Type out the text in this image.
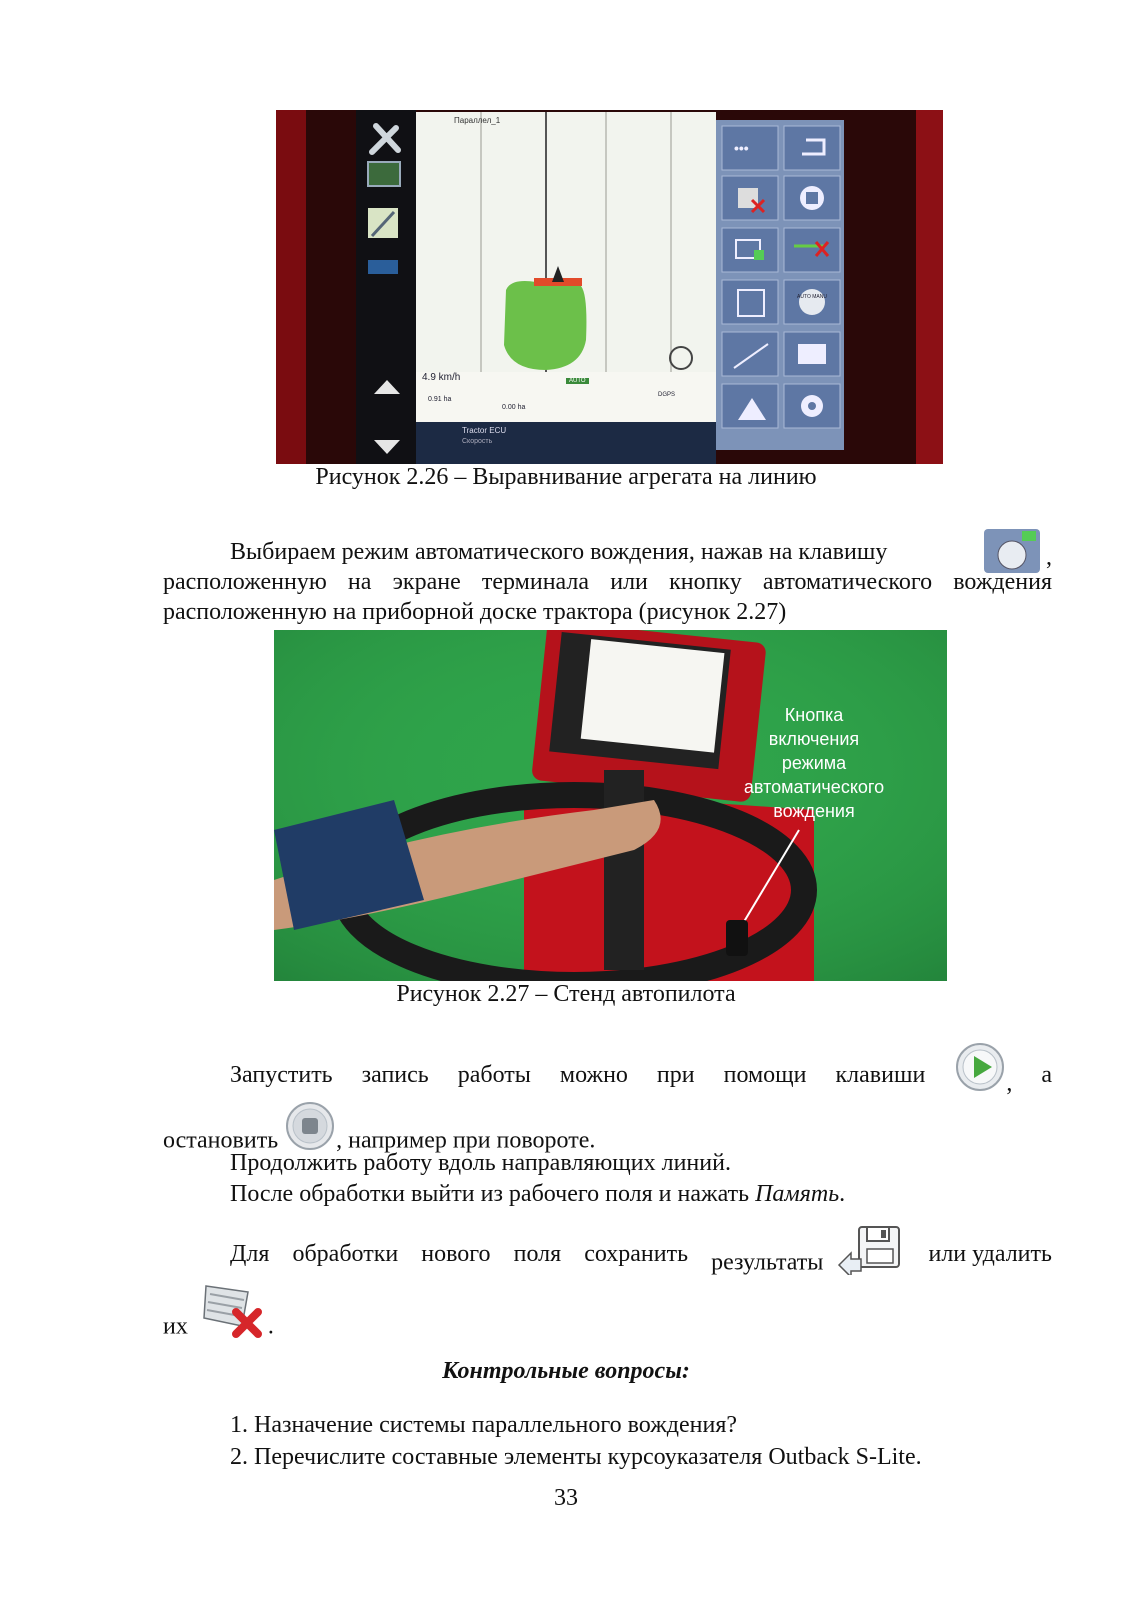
Параллел_1
•••
4.9 km/h
0.91 ha
0.00 ha
AUTO
DGPS
AUTO MANU
Tractor ECU
Скорость
Рисунок 2.26 – Выравнивание агрегата на линию
Выбираем режим автоматического вождения, нажав на клавишу	,
расположенную на экране терминала или кнопку автоматического вождения
расположенную на приборной доске трактора (рисунок 2.27)
Кнопка
включения
режима
автоматического
вождения
Рисунок 2.27 – Стенд автопилота
Запустить запись работы можно при помощи клавиши	, а
остановить , например при повороте.
Продолжить работу вдоль направляющих линий.
После обработки выйти из рабочего поля и нажать Память.
Для обработки нового поля сохранить результаты	или удалить
их	.
Контрольные вопросы:
1. Назначение системы параллельного вождения?
2. Перечислите составные элементы курсоуказателя Outback S-Lite.
33
